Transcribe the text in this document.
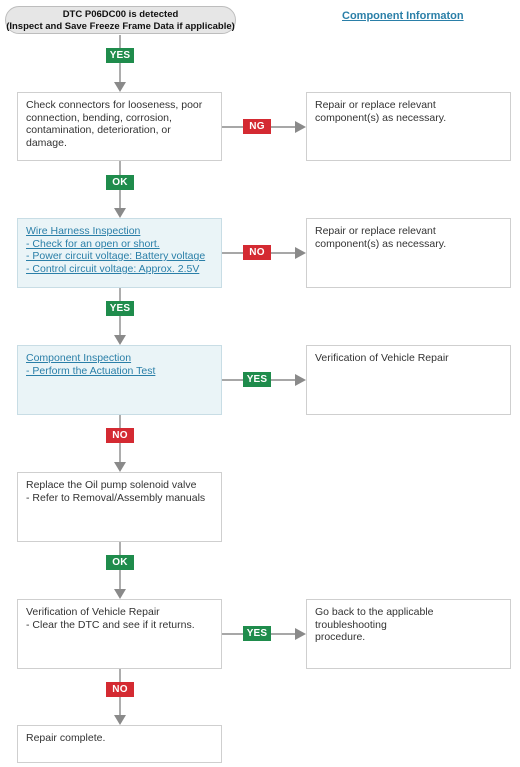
DTC P06DC00 is detected
(Inspect and Save Freeze Frame Data if applicable)
Component Informaton
Check connectors for looseness, poor
connection, bending, corrosion,
contamination, deterioration, or damage.
Wire Harness Inspection
- Check for an open or short.
- Power circuit voltage: Battery voltage
- Control circuit voltage: Approx. 2.5V
Component Inspection
- Perform the Actuation Test
Replace the Oil pump solenoid valve
- Refer to Removal/Assembly manuals
Verification of Vehicle Repair
- Clear the DTC and see if it returns.
Repair complete.
Repair or replace relevant
component(s) as necessary.
Repair or replace relevant
component(s) as necessary.
Verification of Vehicle Repair
Go back to the applicable troubleshooting
procedure.
YES
OK
YES
NO
OK
NO
NG
NO
YES
YES
